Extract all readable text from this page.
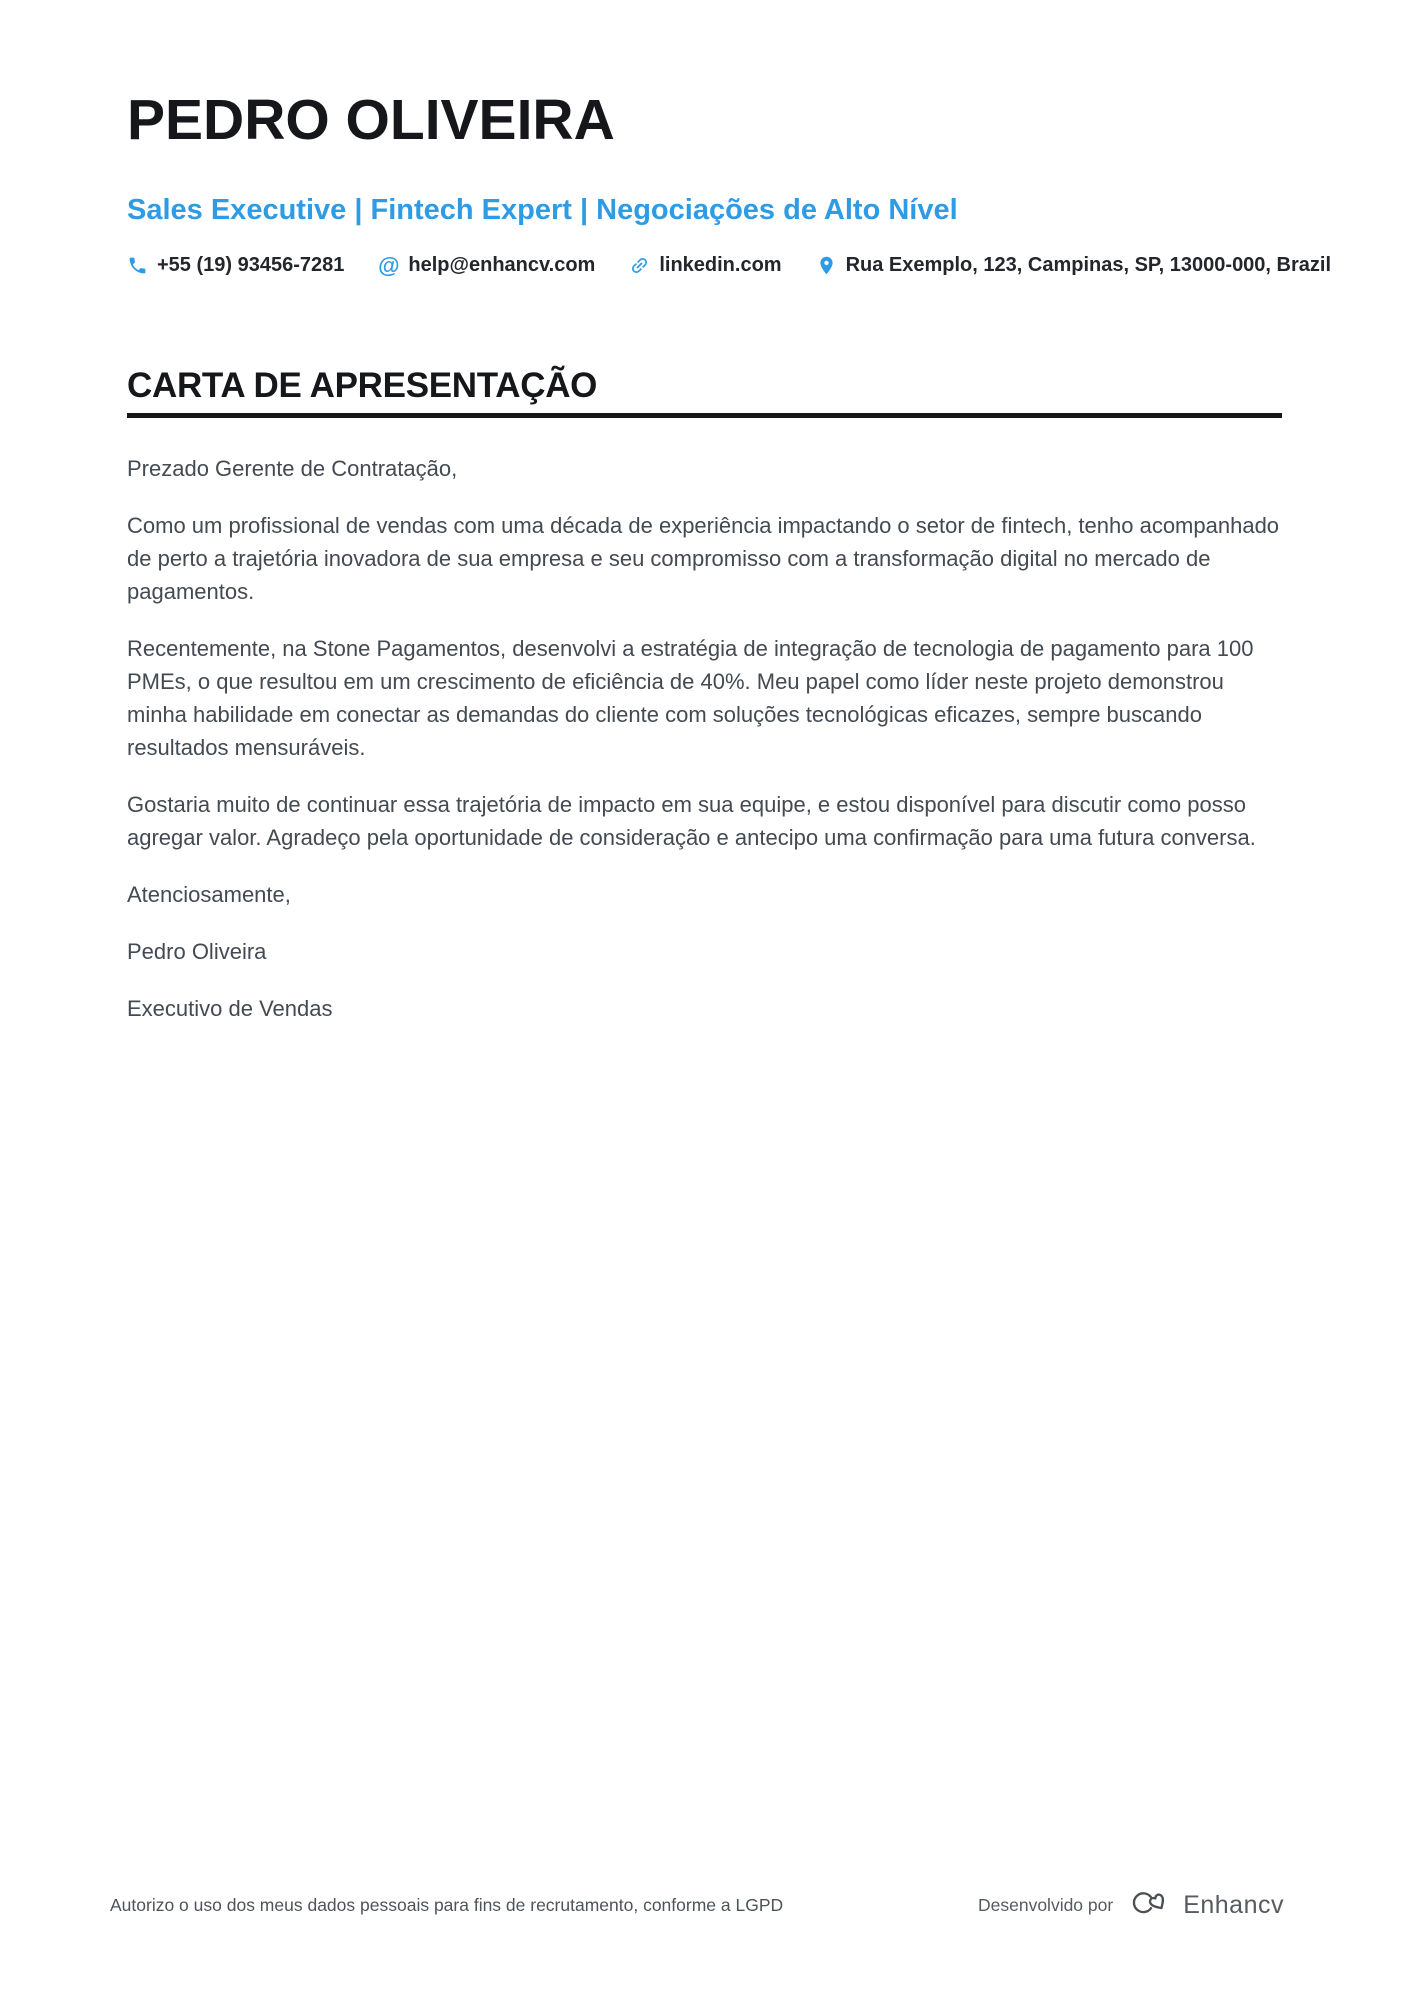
PEDRO OLIVEIRA
Sales Executive | Fintech Expert | Negociações de Alto Nível
+55 (19) 93456-7281 @ help@enhancv.com	linkedin.com	Rua Exemplo, 123, Campinas, SP, 13000-000, Brazil
CARTA DE APRESENTAÇÃO

Prezado Gerente de Contratação,

Como um profissional de vendas com uma década de experiência impactando o setor de fintech, tenho acompanhado de perto a trajetória inovadora de sua empresa e seu compromisso com a transformação digital no mercado de pagamentos.

Recentemente, na Stone Pagamentos, desenvolvi a estratégia de integração de tecnologia de pagamento para 100 PMEs, o que resultou em um crescimento de eficiência de 40%. Meu papel como líder neste projeto demonstrou minha habilidade em conectar as demandas do cliente com soluções tecnológicas eficazes, sempre buscando resultados mensuráveis.

Gostaria muito de continuar essa trajetória de impacto em sua equipe, e estou disponível para discutir como posso agregar valor. Agradeço pela oportunidade de consideração e antecipo uma confirmação para uma futura conversa.

Atenciosamente,

Pedro Oliveira

Executivo de Vendas

Autorizo o uso dos meus dados pessoais para fins de recrutamento, conforme a LGPD	Desenvolvido por	Enhancv
